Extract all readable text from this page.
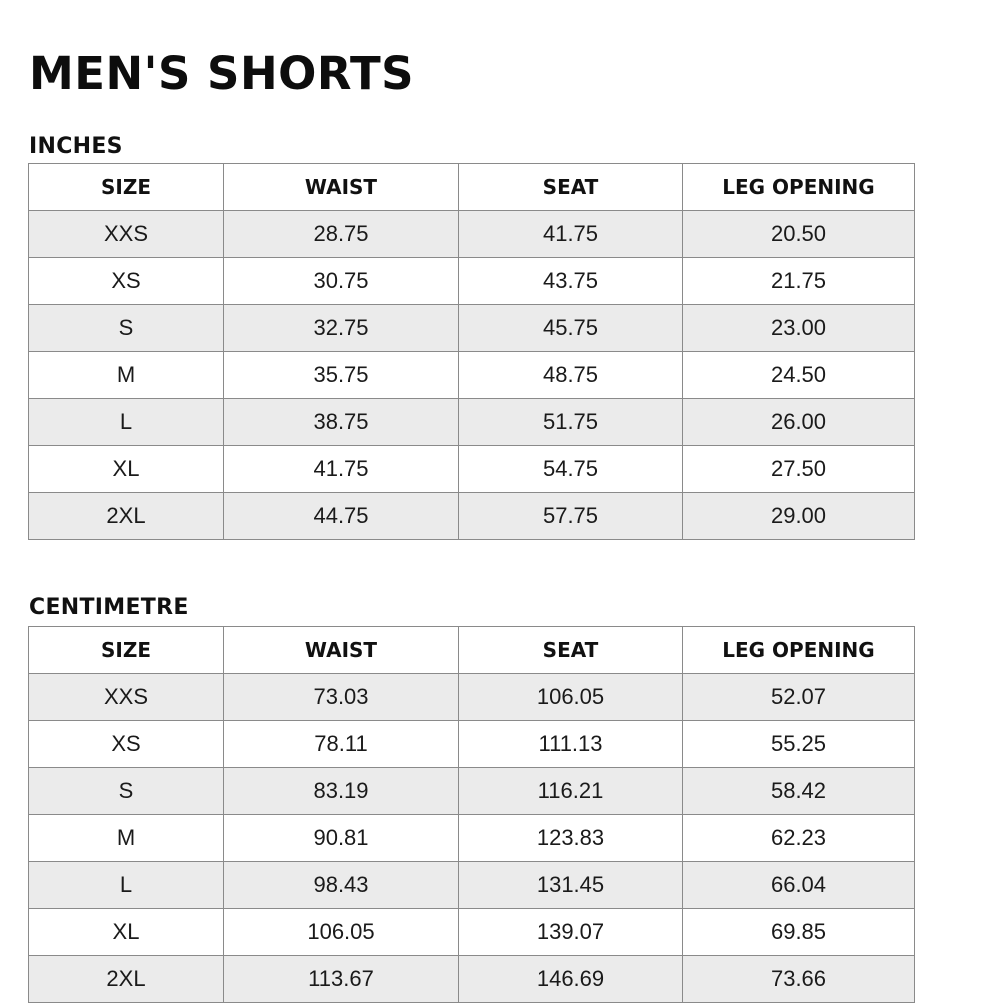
MEN'S SHORTS
INCHES
SIZE	WAIST	SEAT	LEG OPENING
XXS	28.75	41.75	20.50
XS	30.75	43.75	21.75
S	32.75	45.75	23.00
M	35.75	48.75	24.50
L	38.75	51.75	26.00
XL	41.75	54.75	27.50
2XL	44.75	57.75	29.00
CENTIMETRE
SIZE	WAIST	SEAT	LEG OPENING
XXS	73.03	106.05	52.07
XS	78.11	111.13	55.25
S	83.19	116.21	58.42
M	90.81	123.83	62.23
L	98.43	131.45	66.04
XL	106.05	139.07	69.85
2XL	113.67	146.69	73.66
